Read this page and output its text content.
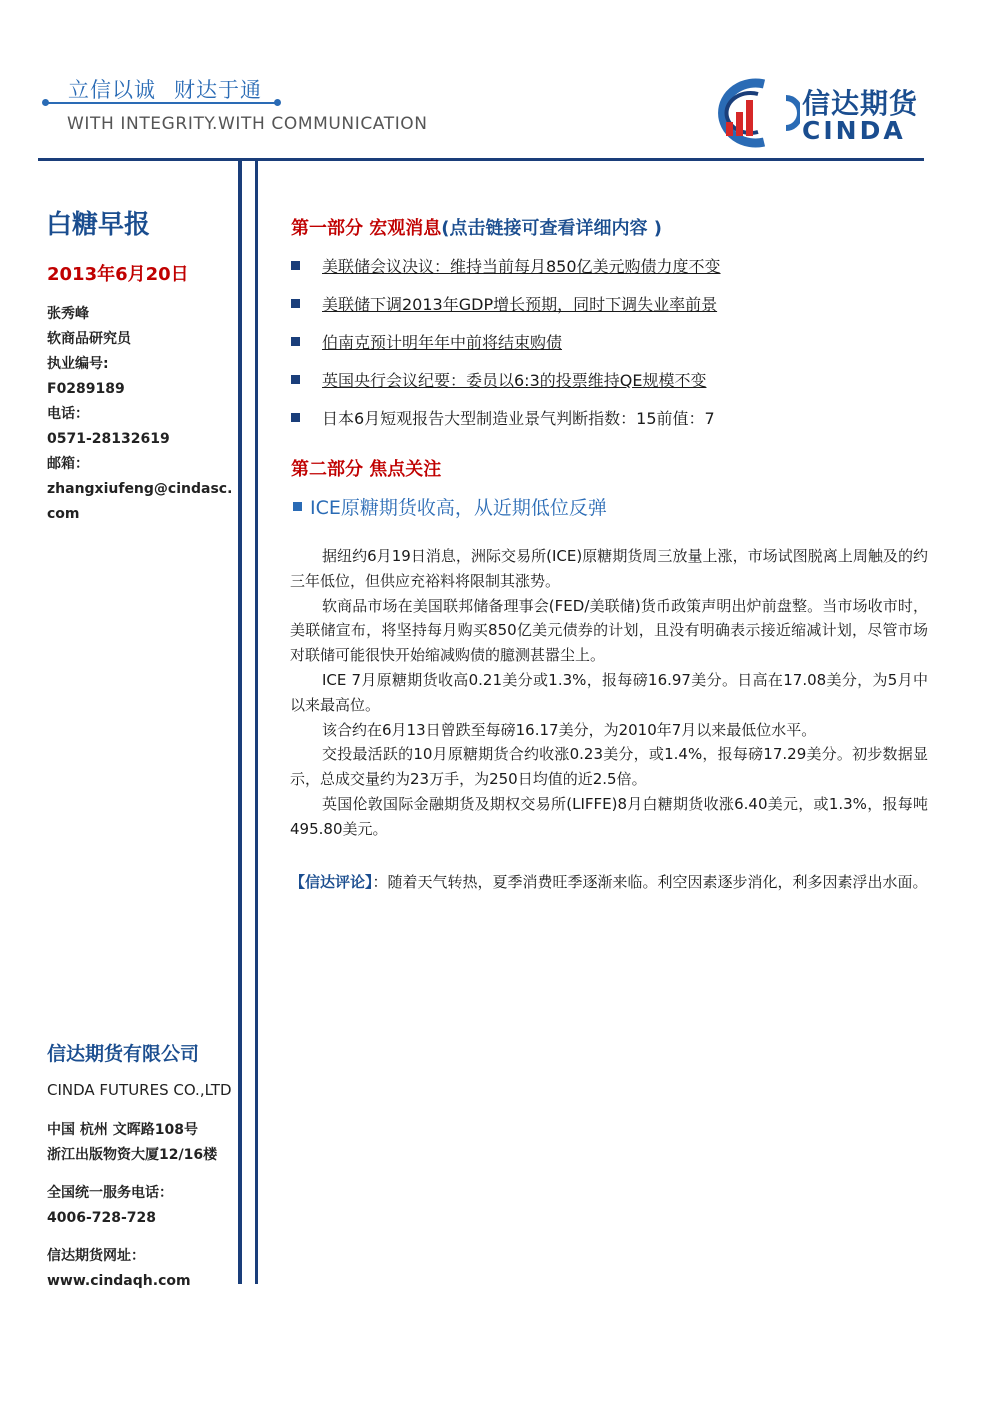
立信以诚 财达于通
WITH INTEGRITY.WITH COMMUNICATION
信达期货
CINDA
白糖早报
2013年6月20日
张秀峰
软商品研究员
执业编号:
F0289189
电话：
0571-28132619
邮箱：
zhangxiufeng@cindasc.com
信达期货有限公司
CINDA FUTURES CO.,LTD
中国 杭州 文晖路108号
浙江出版物资大厦12/16楼
全国统一服务电话：
4006-728-728
信达期货网址：
www.cindaqh.com
第一部分 宏观消息(点击链接可查看详细内容 )
美联储会议决议：维持当前每月850亿美元购债力度不变
美联储下调2013年GDP增长预期，同时下调失业率前景
伯南克预计明年年中前将结束购债
英国央行会议纪要：委员以6:3的投票维持QE规模不变
日本6月短观报告大型制造业景气判断指数：15前值：7
第二部分 焦点关注
ICE原糖期货收高，从近期低位反弹

据纽约6月19日消息，洲际交易所(ICE)原糖期货周三放量上涨，市场试图脱离上周触及的约三年低位，但供应充裕料将限制其涨势。

软商品市场在美国联邦储备理事会(FED/美联储)货币政策声明出炉前盘整。当市场收市时，美联储宣布，将坚持每月购买850亿美元债券的计划，且没有明确表示接近缩减计划，尽管市场对联储可能很快开始缩减购债的臆测甚嚣尘上。

ICE 7月原糖期货收高0.21美分或1.3%，报每磅16.97美分。日高在17.08美分，为5月中以来最高位。

该合约在6月13日曾跌至每磅16.17美分，为2010年7月以来最低位水平。

交投最活跃的10月原糖期货合约收涨0.23美分，或1.4%，报每磅17.29美分。初步数据显示，总成交量约为23万手，为250日均值的近2.5倍。

英国伦敦国际金融期货及期权交易所(LIFFE)8月白糖期货收涨6.40美元，或1.3%，报每吨495.80美元。

【信达评论】：随着天气转热，夏季消费旺季逐渐来临。利空因素逐步消化，利多因素浮出水面。
